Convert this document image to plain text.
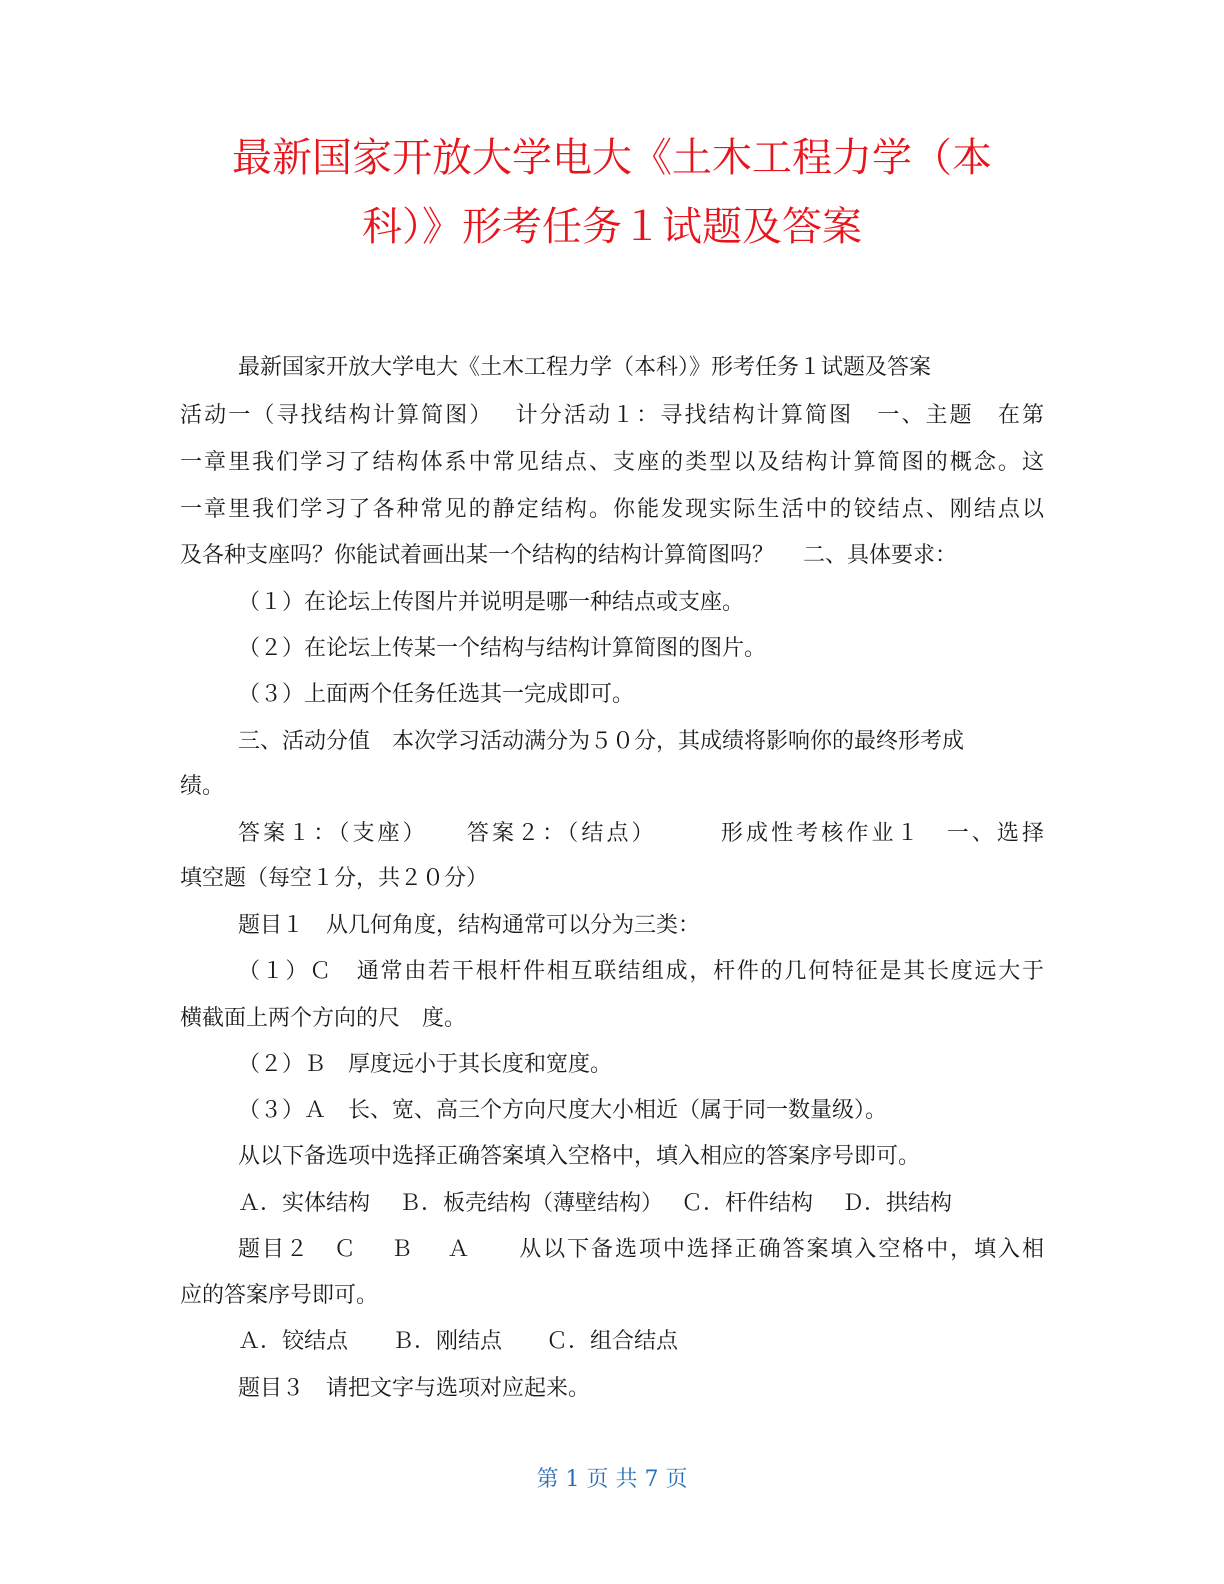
最新国家开放大学电大《土木工程力学（本
科）》形考任务１试题及答案
最新国家开放大学电大《土木工程力学（本科）》形考任务１试题及答案
活动一（寻找结构计算简图）　 计分活动１：寻找结构计算简图　一、主题　在第
一章里我们学习了结构体系中常见结点、支座的类型以及结构计算简图的概念。这
一章里我们学习了各种常见的静定结构。你能发现实际生活中的铰结点、刚结点以
及各种支座吗？你能试着画出某一个结构的结构计算简图吗？　 二、具体要求：
（１）在论坛上传图片并说明是哪一种结点或支座。
（２）在论坛上传某一个结构与结构计算简图的图片。
（３）上面两个任务任选其一完成即可。
三、活动分值　本次学习活动满分为５０分，其成绩将影响你的最终形考成
绩。
答案１：（支座）　　答案２：（结点）　　　形成性考核作业１　一、选择
填空题（每空１分，共２０分）
题目１　从几何角度，结构通常可以分为三类：
（１）Ｃ　通常由若干根杆件相互联结组成，杆件的几何特征是其长度远大于
横截面上两个方向的尺　度。
（２）Ｂ　厚度远小于其长度和宽度。
（３）Ａ　长、宽、高三个方向尺度大小相近（属于同一数量级）。
从以下备选项中选择正确答案填入空格中，填入相应的答案序号即可。
Ａ．实体结构　 Ｂ．板壳结构（薄壁结构）　 Ｃ．杆件结构　 Ｄ．拱结构
题目２　Ｃ　 Ｂ　 Ａ　　从以下备选项中选择正确答案填入空格中，填入相
应的答案序号即可。
Ａ．铰结点　　Ｂ．刚结点　　Ｃ．组合结点
题目３　请把文字与选项对应起来。
第 1 页 共 7 页
